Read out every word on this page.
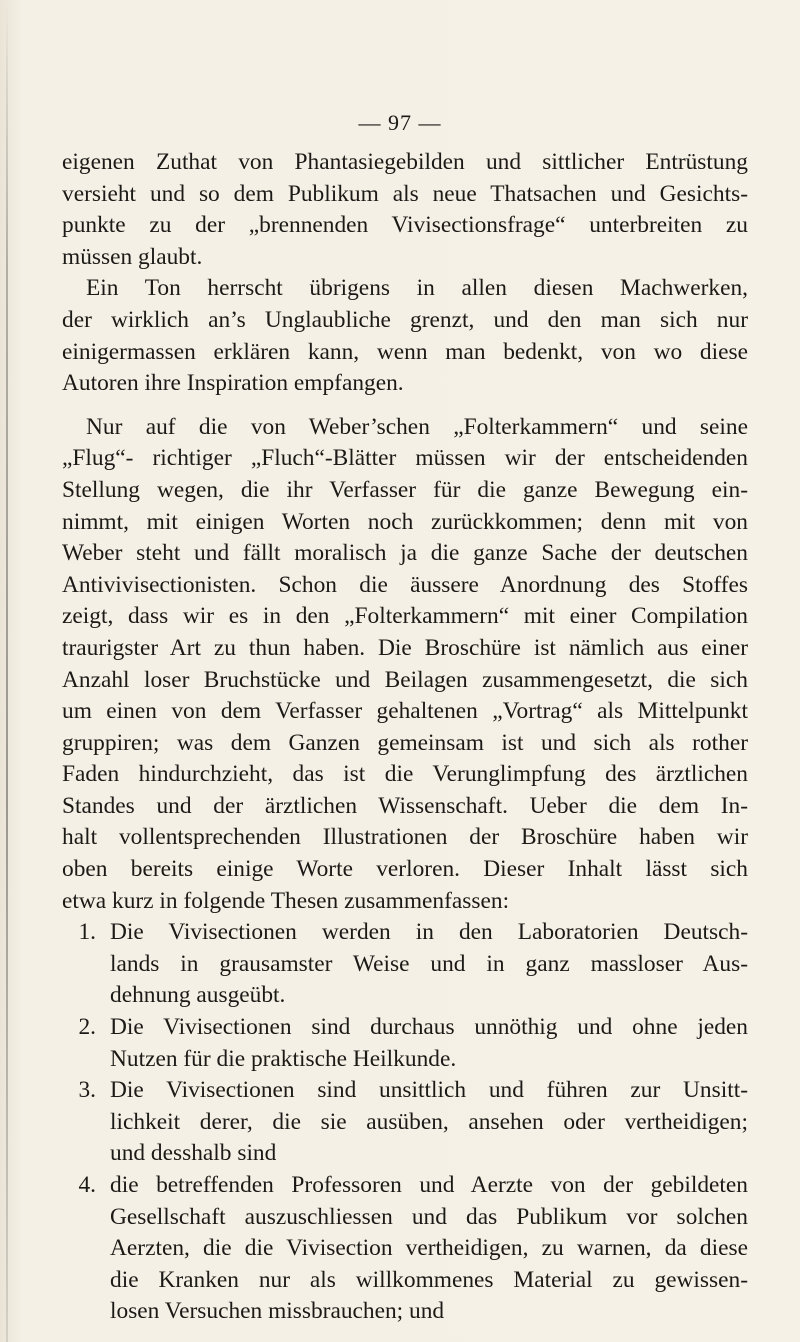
— 97 —
eigenen Zuthat von Phantasiegebilden und sittlicher Entrüstung
versieht und so dem Publikum als neue Thatsachen und Gesichts-
punkte zu der „brennenden Vivisectionsfrage“ unterbreiten zu
müssen glaubt.
Ein Ton herrscht übrigens in allen diesen Machwerken,
der wirklich an’s Unglaubliche grenzt, und den man sich nur
einigermassen erklären kann, wenn man bedenkt, von wo diese
Autoren ihre Inspiration empfangen.
Nur auf die von Weber’schen „Folterkammern“ und seine
„Flug“- richtiger „Fluch“-Blätter müssen wir der entscheidenden
Stellung wegen, die ihr Verfasser für die ganze Bewegung ein-
nimmt, mit einigen Worten noch zurückkommen; denn mit von
Weber steht und fällt moralisch ja die ganze Sache der deutschen
Antivivisectionisten. Schon die äussere Anordnung des Stoffes
zeigt, dass wir es in den „Folterkammern“ mit einer Compilation
traurigster Art zu thun haben. Die Broschüre ist nämlich aus einer
Anzahl loser Bruchstücke und Beilagen zusammengesetzt, die sich
um einen von dem Verfasser gehaltenen „Vortrag“ als Mittelpunkt
gruppiren; was dem Ganzen gemeinsam ist und sich als rother
Faden hindurchzieht, das ist die Verunglimpfung des ärztlichen
Standes und der ärztlichen Wissenschaft. Ueber die dem In-
halt vollentsprechenden Illustrationen der Broschüre haben wir
oben bereits einige Worte verloren. Dieser Inhalt lässt sich
etwa kurz in folgende Thesen zusammenfassen:
1. Die Vivisectionen werden in den Laboratorien Deutsch-
lands in grausamster Weise und in ganz massloser Aus-
dehnung ausgeübt.
2. Die Vivisectionen sind durchaus unnöthig und ohne jeden
Nutzen für die praktische Heilkunde.
3. Die Vivisectionen sind unsittlich und führen zur Unsitt-
lichkeit derer, die sie ausüben, ansehen oder vertheidigen;
und desshalb sind
4. die betreffenden Professoren und Aerzte von der gebildeten
Gesellschaft auszuschliessen und das Publikum vor solchen
Aerzten, die die Vivisection vertheidigen, zu warnen, da diese
die Kranken nur als willkommenes Material zu gewissen-
losen Versuchen missbrauchen; und
